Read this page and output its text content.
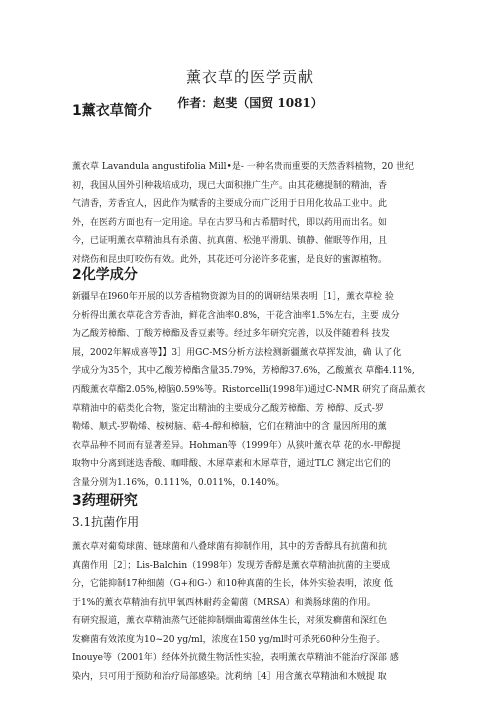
薰衣草的医学贡献
作者：赵斐（国贸 1081）
1薰衣草简介
薰衣草 Lavandula angustifolia Mill•是- 一种名贵而重要的天然香料植物，20 世纪
初，我国从国外引种栽培成功，现已大面积推广生产。由其花穗提制的精油，香
气清香，芳香宜人，因此作为赋香的主要成分而广泛用于日用化妆品工业中。此
外，在医药方面也有一定用途。早在古罗马和古希腊时代，即以药用而出名。如
今，已证明薰衣草精油具有杀菌、抗真菌、松弛平滑肌、镇静、催眠等作用，且
对烧伤和昆虫叮咬伤有效。此外，其花还可分泌许多花蜜，是良好的蜜源植物。
2化学成分
新疆早在I960年开展的以芳香植物资源为目的的调研结果表明［1］，薰衣草检 验
分析得出薰衣草花含芳香油，鲜花含油率0.8%，干花含油率1.5%左右，主要 成分
为乙酸芳樟酯、丁酸芳樟酯及香豆素等。经过多年研究完善，以及伴随着科 技发
展，2002年解成喜等】】3］用GC-MS分析方法检测新疆薰衣草挥发油，确 认了化
学成分为35个，其中乙酸芳樟酯含量35.79%，芳樟醇37.6%，乙酸薰衣 草酯4.11%,
丙酸薰衣草酯2.05%,樟脑0.59%等。Ristorcelli(1998年)通过C-NMR 研究了商品薰衣
草精油中的萜类化合物，鉴定出精油的主要成分乙酸芳樟酯、芳 樟醇、反式-罗
勒烯、顺式-罗勒烯、桉树脑、萜-4-醇和樟脑，它们在精油中的含 量因所用的薰
衣草品种不同而有显著差异。Hohman等（1999年）从狭叶薰衣草 花的水-甲醇提
取物中分离到迷迭香酸、咖啡酸、木犀草素和木犀草苷，通过TLC 测定出它们的
含量分别为1.16%，0.111%，0.011%，0.140%。
3药理研究
3.1抗菌作用
薰衣草对葡萄球菌、链球菌和八叠球菌有抑制作用，其中的芳香醇具有抗菌和抗
真菌作用［2］；Lis-Balchin（1998年）发现芳香醇是薰衣草精油抗菌的主要成
分，它能抑制17种细菌（G+和G-）和10种真菌的生长，体外实验表明，浓度 低
于1%的薰衣草精油有抗甲氧西林耐药金葡菌（MRSA）和粪肠球菌的作用。
有研究报道，薰衣草精油蒸气还能抑制烟曲霉菌丝体生长，对须发癣菌和深红色
发癣菌有效浓度为10~20 yg/ml，浓度在150 yg/ml时可杀死60种分生孢子。
Inouye等（2001年）经体外抗微生物活性实验，表明薰衣草精油不能治疗深部 感
染内，只可用于预防和治疗局部感染。沈莉纳［4］用含薰衣草精油和木贼提 取
